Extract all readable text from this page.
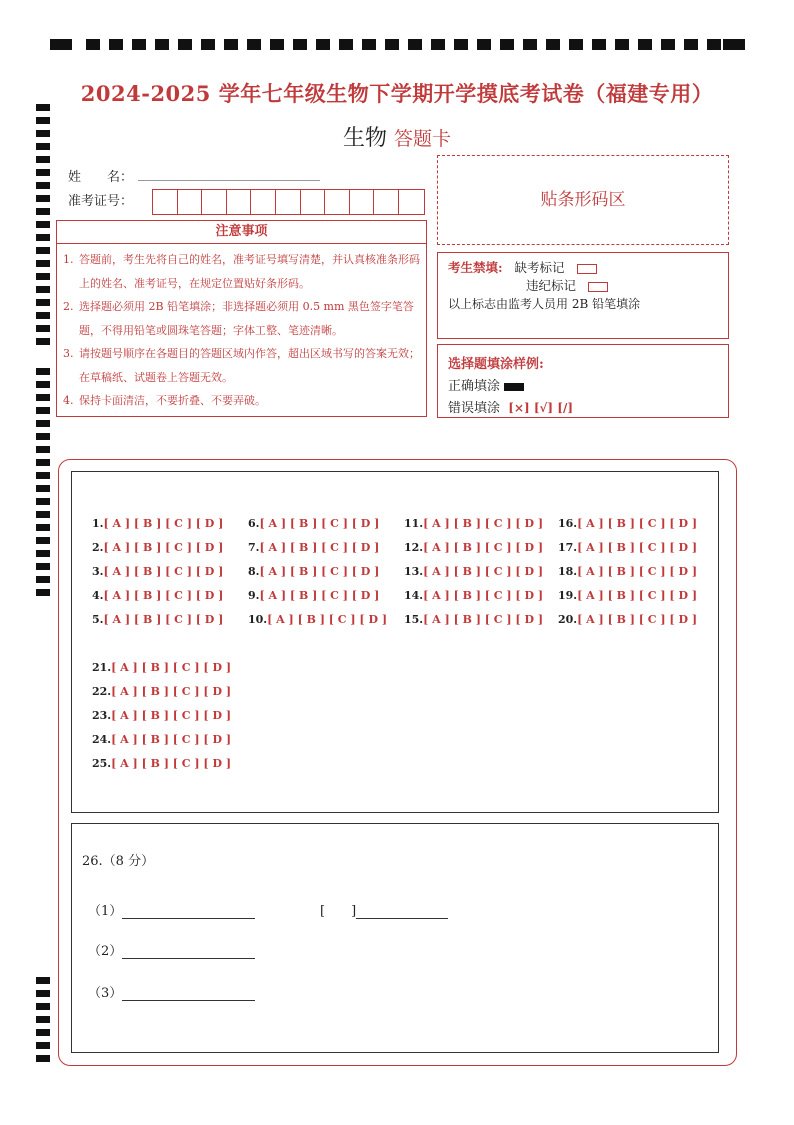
2024-2025 学年七年级生物下学期开学摸底考试卷（福建专用）
生物 答题卡
姓　　名：
准考证号：	贴条形码区
注意事项
1. 答题前，考生先将自己的姓名，准考证号填写清楚，并认真核准条形码上的姓名、准考证号，在规定位置贴好条形码。
2. 选择题必须用 2B 铅笔填涂；非选择题必须用 0.5 mm 黑色签字笔答题，不得用铅笔或圆珠笔答题；字体工整、笔迹清晰。
3. 请按题号顺序在各题目的答题区域内作答，超出区域书写的答案无效；在草稿纸、试题卷上答题无效。
4. 保持卡面清洁，不要折叠、不要弄破。
考生禁填: 缺考标记
违纪标记
以上标志由监考人员用 2B 铅笔填涂
选择题填涂样例:
正确填涂
错误填涂 [×] [√] [/]
1.[ A ] [ B ] [ C ] [ D ]
2.[ A ] [ B ] [ C ] [ D ]
3.[ A ] [ B ] [ C ] [ D ]
4.[ A ] [ B ] [ C ] [ D ]
5.[ A ] [ B ] [ C ] [ D ]
6.[ A ] [ B ] [ C ] [ D ]
7.[ A ] [ B ] [ C ] [ D ]
8.[ A ] [ B ] [ C ] [ D ]
9.[ A ] [ B ] [ C ] [ D ]
10.[ A ] [ B ] [ C ] [ D ]
11.[ A ] [ B ] [ C ] [ D ]
12.[ A ] [ B ] [ C ] [ D ]
13.[ A ] [ B ] [ C ] [ D ]
14.[ A ] [ B ] [ C ] [ D ]
15.[ A ] [ B ] [ C ] [ D ]
16.[ A ] [ B ] [ C ] [ D ]
17.[ A ] [ B ] [ C ] [ D ]
18.[ A ] [ B ] [ C ] [ D ]
19.[ A ] [ B ] [ C ] [ D ]
20.[ A ] [ B ] [ C ] [ D ]
21.[ A ] [ B ] [ C ] [ D ]
22.[ A ] [ B ] [ C ] [ D ]
23.[ A ] [ B ] [ C ] [ D ]
24.[ A ] [ B ] [ C ] [ D ]
25.[ A ] [ B ] [ C ] [ D ]
26.（8 分）
（1）	[　　]
（2）
（3）
